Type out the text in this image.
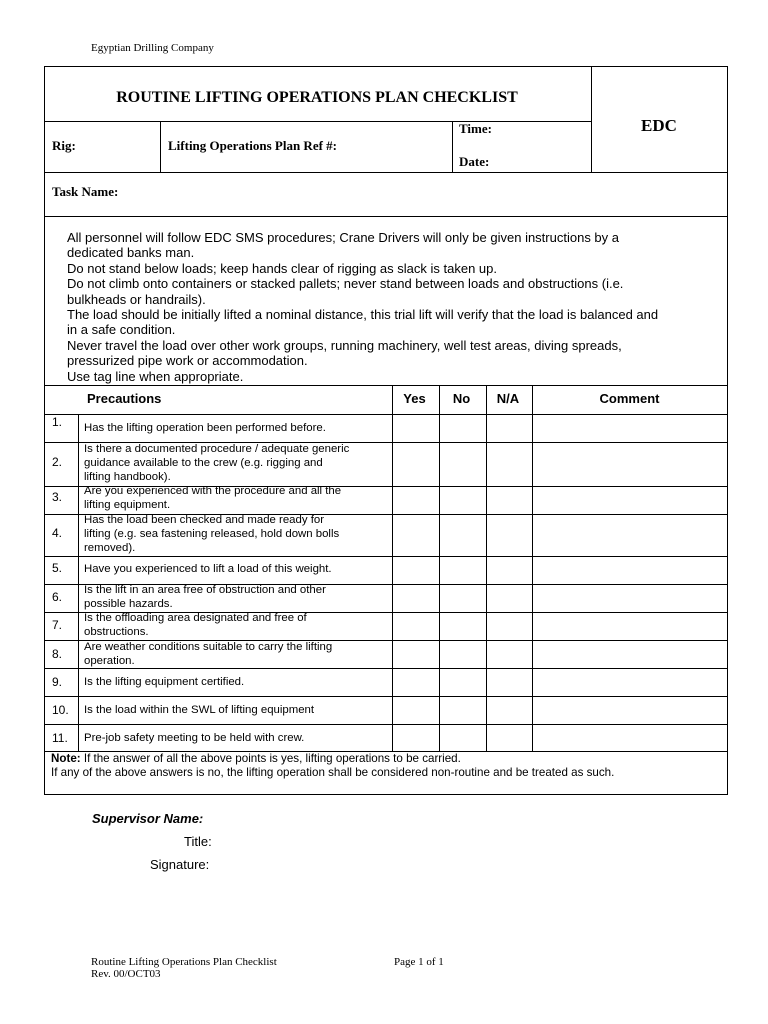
Egyptian Drilling Company
ROUTINE LIFTING OPERATIONS PLAN CHECKLIST
EDC
Rig:	Lifting Operations Plan Ref #:
Time:
Date:
Task Name:
All personnel will follow EDC SMS procedures; Crane Drivers will only be given instructions by a
dedicated banks man.
Do not stand below loads; keep hands clear of rigging as slack is taken up.
Do not climb onto containers or stacked pallets; never stand between loads and obstructions (i.e.
bulkheads or handrails).
The load should be initially lifted a nominal distance, this trial lift will verify that the load is balanced and
in a safe condition.
Never travel the load over other work groups, running machinery, well test areas, diving spreads,
pressurized pipe work or accommodation.
Use tag line when appropriate.
Precautions	Yes	No	N/A	Comment
1. Has the lifting operation been performed before.
2.
Is there a documented procedure / adequate generic
guidance available to the crew (e.g. rigging and
lifting handbook).
3. Are you experienced with the procedure and all the
lifting equipment.
4.
Has the load been checked and made ready for
lifting (e.g. sea fastening released, hold down bolls
removed).
5. Have you experienced to lift a load of this weight.
6. Is the lift in an area free of obstruction and other
possible hazards.
7. Is the offloading area designated and free of
obstructions.
8. Are weather conditions suitable to carry the lifting
operation.
9. Is the lifting equipment certified.
10. Is the load within the SWL of lifting equipment
11. Pre-job safety meeting to be held with crew.
Note: If the answer of all the above points is yes, lifting operations to be carried.
If any of the above answers is no, the lifting operation shall be considered non-routine and be treated as such.
Supervisor Name:
Title:
Signature:
Routine Lifting Operations Plan Checklist
Rev. 00/OCT03
Page 1 of 1
